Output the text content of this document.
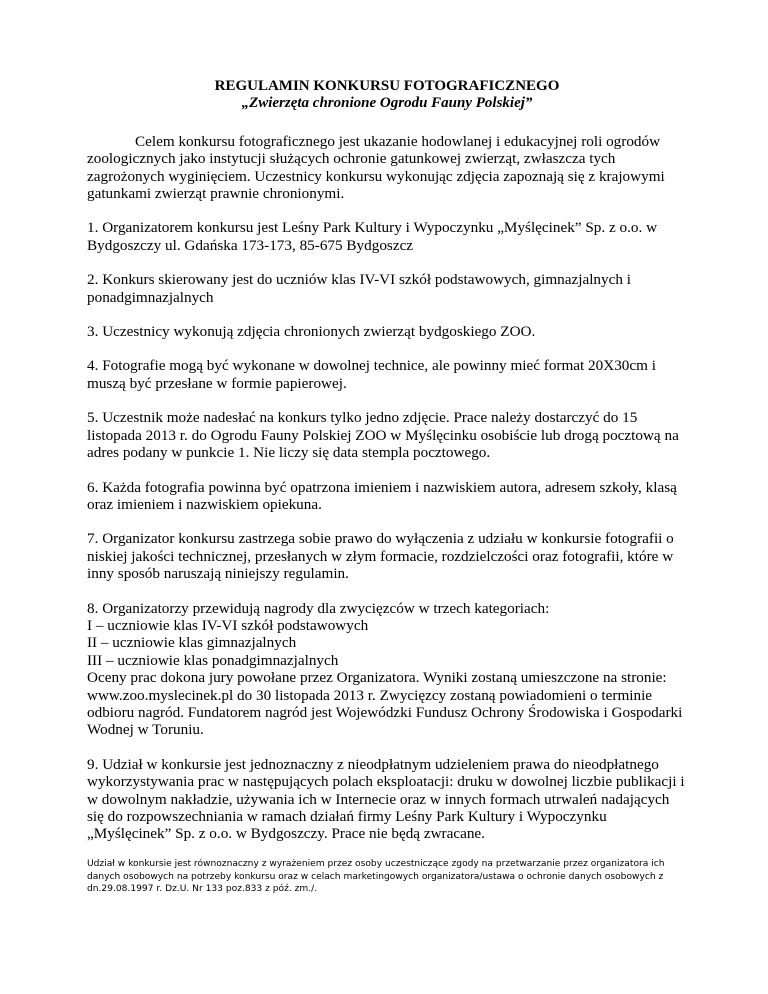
REGULAMIN KONKURSU FOTOGRAFICZNEGO
„Zwierzęta chronione Ogrodu Fauny Polskiej”

Celem konkursu fotograficznego jest ukazanie hodowlanej i edukacyjnej roli ogrodów zoologicznych jako instytucji służących ochronie gatunkowej zwierząt, zwłaszcza tych zagrożonych wyginięciem. Uczestnicy konkursu wykonując zdjęcia zapoznają się z krajowymi gatunkami zwierząt prawnie chronionymi.

1. Organizatorem konkursu jest Leśny Park Kultury i Wypoczynku „Myślęcinek” Sp. z o.o. w Bydgoszczy ul. Gdańska 173-173, 85-675 Bydgoszcz

2. Konkurs skierowany jest do uczniów klas IV-VI szkół podstawowych, gimnazjalnych i ponadgimnazjalnych

3. Uczestnicy wykonują zdjęcia chronionych zwierząt bydgoskiego ZOO.

4. Fotografie mogą być wykonane w dowolnej technice, ale powinny mieć format 20X30cm i muszą być przesłane w formie papierowej.

5. Uczestnik może nadesłać na konkurs tylko jedno zdjęcie. Prace należy dostarczyć do 15 listopada 2013 r. do Ogrodu Fauny Polskiej ZOO w Myślęcinku osobiście lub drogą pocztową na adres podany w punkcie 1. Nie liczy się data stempla pocztowego.

6. Każda fotografia powinna być opatrzona imieniem i nazwiskiem autora, adresem szkoły, klasą oraz imieniem i nazwiskiem opiekuna.

7. Organizator konkursu zastrzega sobie prawo do wyłączenia z udziału w konkursie fotografii o niskiej jakości technicznej, przesłanych w złym formacie, rozdzielczości oraz fotografii, które w inny sposób naruszają niniejszy regulamin.

8. Organizatorzy przewidują nagrody dla zwycięzców w trzech kategoriach:
I – uczniowie klas IV-VI szkół podstawowych
II – uczniowie klas gimnazjalnych
III – uczniowie klas ponadgimnazjalnych
Oceny prac dokona jury powołane przez Organizatora. Wyniki zostaną umieszczone na stronie: www.zoo.myslecinek.pl do 30 listopada 2013 r. Zwycięzcy zostaną powiadomieni o terminie odbioru nagród. Fundatorem nagród jest Wojewódzki Fundusz Ochrony Środowiska i Gospodarki Wodnej w Toruniu.

9. Udział w konkursie jest jednoznaczny z nieodpłatnym udzieleniem prawa do nieodpłatnego wykorzystywania prac w następujących polach eksploatacji: druku w dowolnej liczbie publikacji i w dowolnym nakładzie, używania ich w Internecie oraz w innych formach utrwaleń nadających się do rozpowszechniania w ramach działań firmy Leśny Park Kultury i Wypoczynku „Myślęcinek” Sp. z o.o. w Bydgoszczy. Prace nie będą zwracane.

Udział w konkursie jest równoznaczny z wyrażeniem przez osoby uczestniczące zgody na przetwarzanie przez organizatora ich danych osobowych na potrzeby konkursu oraz w celach marketingowych organizatora/ustawa o ochronie danych osobowych z dn.29.08.1997 r. Dz.U. Nr 133 poz.833 z póź. zm./.
